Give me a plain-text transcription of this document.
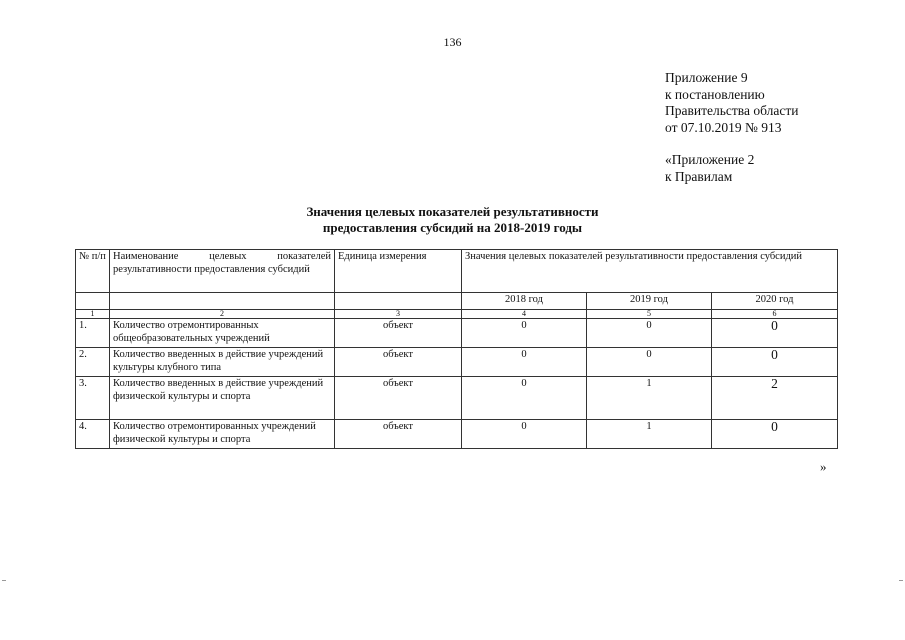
136
Приложение 9
к постановлению
Правительства области
от 07.10.2019 № 913
«Приложение 2
к Правилам
Значения целевых показателей результативности
предоставления субсидий на 2018-2019 годы
№ п/п	Наименование целевых показателей результативности предоставления субсидий	Единица измерения	Значения целевых показателей результативности предоставления субсидий		
			2018 год	2019 год	2020 год
1	2	3	4	5	6
1.	Количество отремонтированных общеобразовательных учреждений	объект	0	0	0
2.	Количество введенных в действие учреждений культуры клубного типа	объект	0	0	0
3.	Количество введенных в действие учреждений физической культуры и спорта	объект	0	1	2
4.	Количество отремонтированных учреждений физической культуры и спорта	объект	0	1	0
»
